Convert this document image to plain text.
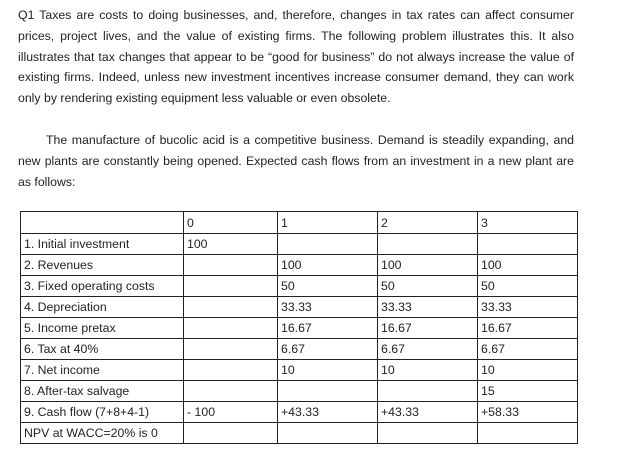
Q1 Taxes are costs to doing businesses, and, therefore, changes in tax rates can affect consumer prices, project lives, and the value of existing firms. The following problem illustrates this. It also illustrates that tax changes that appear to be “good for business” do not always increase the value of existing firms. Indeed, unless new investment incentives increase consumer demand, they can work only by rendering existing equipment less valuable or even obsolete.

The manufacture of bucolic acid is a competitive business. Demand is steadily expanding, and new plants are constantly being opened. Expected cash flows from an investment in a new plant are as follows:

	0	1	2	3
1. Initial investment	100			
2. Revenues		100	100	100
3. Fixed operating costs		50	50	50
4. Depreciation		33.33	33.33	33.33
5. Income pretax		16.67	16.67	16.67
6. Tax at 40%		6.67	6.67	6.67
7. Net income		10	10	10
8. After-tax salvage				15
9. Cash flow (7+8+4-1)	- 100	+43.33	+43.33	+58.33
NPV at WACC=20% is 0				
